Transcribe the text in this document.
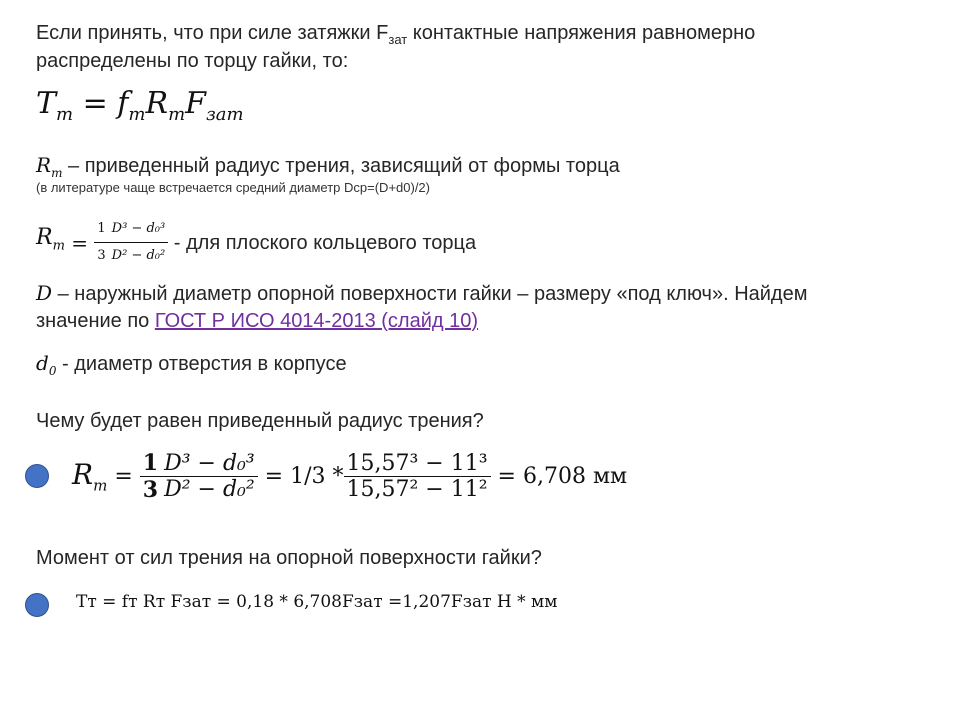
Если принять, что при силе затяжки $F_{зат}$ контактные напряжения равномерно
распределены по торцу гайки, то:
$T_т = f_тR_тF_{зат}$
$R_т$ – приведенный радиус трения, зависящий от формы торца
(в литературе чаще встречается средний диаметр Dср=(D+d0)/2)
$R_т = \frac{1}{3} \frac{\text{D³ − d₀³}}{\text{D² − d₀²}}$ - для плоского кольцевого торца
D – наружный диаметр опорной поверхности гайки – размеру «под ключ». Найдем
значение по ГОСТ Р ИСО 4014-2013 (слайд 10)
$d_0$ - диаметр отверстия в корпусе
Чему будет равен приведенный радиус трения?
$R_т = \frac{1}{3} \frac{\text{D³ − d₀³}}{\text{D² − d₀²}} = 1/3 * \frac{\text{15,57³ − 11³}}{\text{15,57² − 11²}} = 6,708$ мм
Момент от сил трения на опорной поверхности гайки?
Tт = fт Rт Fзат = 0,18 * 6,708Fзат =1,207Fзат Н * мм
